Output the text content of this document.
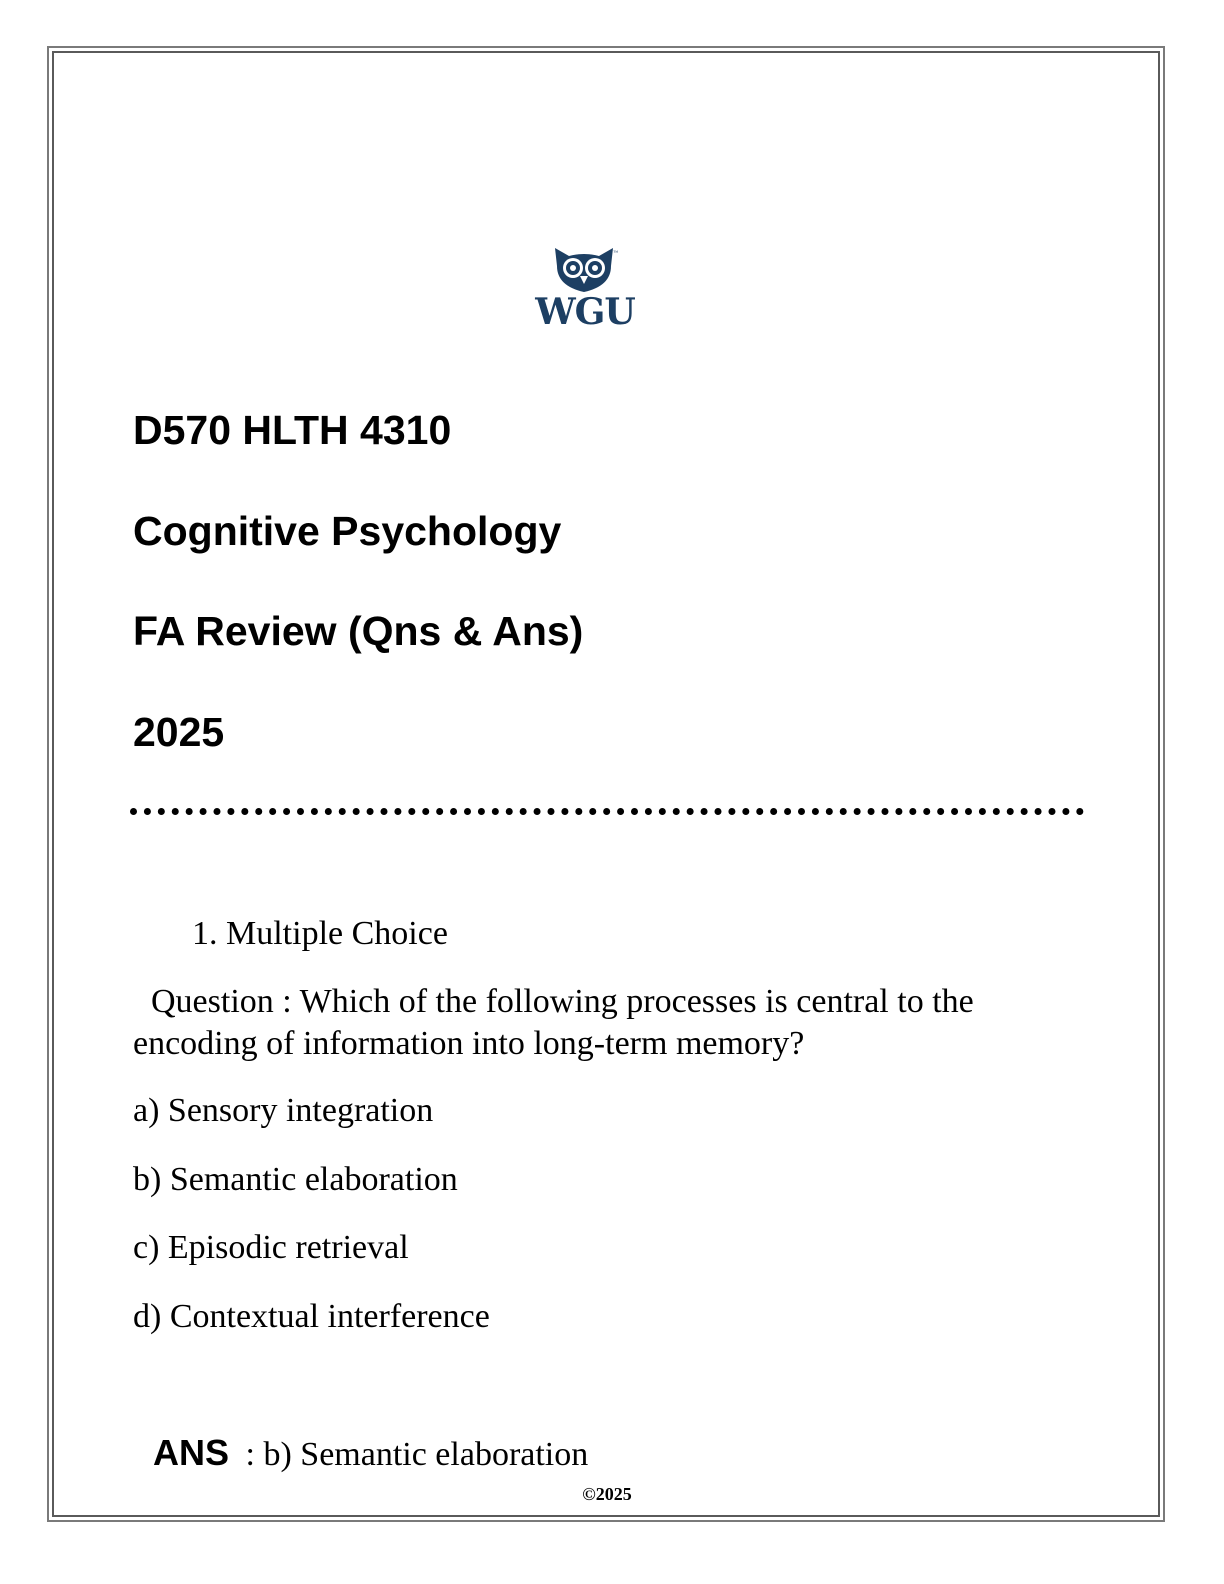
™
WGU
D570 HLTH 4310
Cognitive Psychology
FA Review (Qns & Ans)
2025
1. Multiple Choice
Question : Which of the following processes is central to the
encoding of information into long-term memory?
a) Sensory integration
b) Semantic elaboration
c) Episodic retrieval
d) Contextual interference
ANS : b) Semantic elaboration
©2025
